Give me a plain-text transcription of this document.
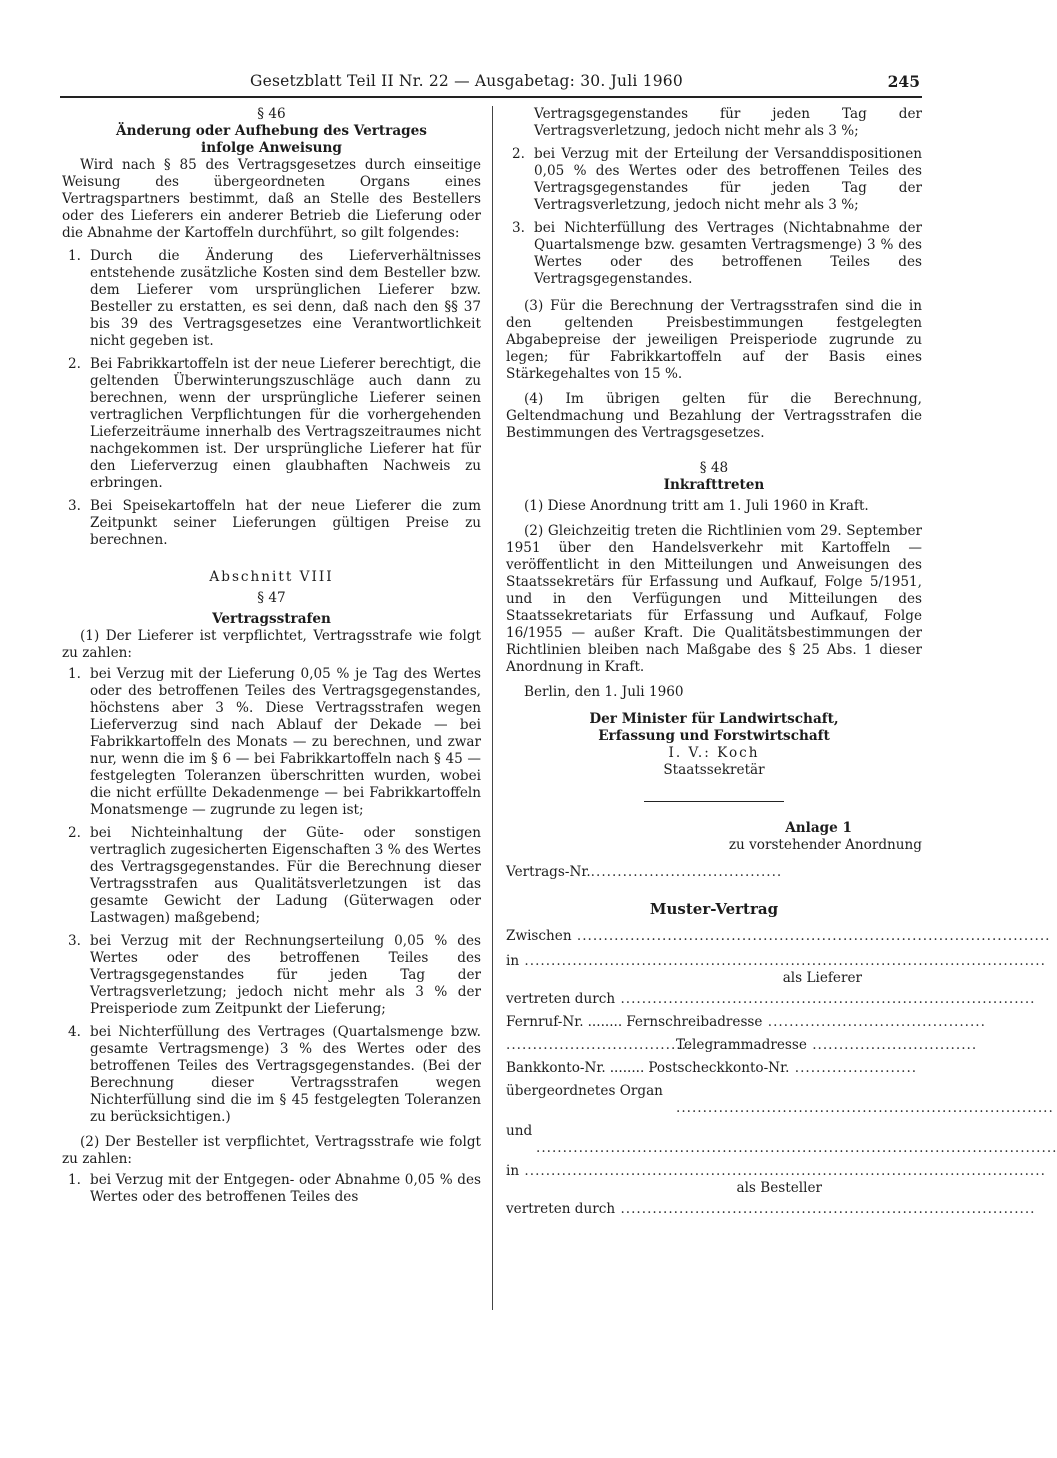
Gesetzblatt Teil II Nr. 22 — Ausgabetag: 30. Juli 1960	245

§ 46

Änderung oder Aufhebung des Vertrages

infolge Anweisung

Wird nach § 85 des Vertragsgesetzes durch einseitige Weisung des übergeordneten Organs eines Vertragspartners bestimmt, daß an Stelle des Bestellers oder des Lieferers ein anderer Betrieb die Lieferung oder die Abnahme der Kartoffeln durchführt, so gilt folgendes:

1. Durch die Änderung des Lieferverhältnisses entstehende zusätzliche Kosten sind dem Besteller bzw. dem Lieferer vom ursprünglichen Lieferer bzw. Besteller zu erstatten, es sei denn, daß nach den §§ 37 bis 39 des Vertragsgesetzes eine Verantwortlichkeit nicht gegeben ist.
2. Bei Fabrikkartoffeln ist der neue Lieferer berechtigt, die geltenden Überwinterungszuschläge auch dann zu berechnen, wenn der ursprüngliche Lieferer seinen vertraglichen Verpflichtungen für die vorhergehenden Lieferzeiträume innerhalb des Vertragszeitraumes nicht nachgekommen ist. Der ursprüngliche Lieferer hat für den Lieferverzug einen glaubhaften Nachweis zu erbringen.
3. Bei Speisekartoffeln hat der neue Lieferer die zum Zeitpunkt seiner Lieferungen gültigen Preise zu berechnen.

Abschnitt VIII

§ 47

Vertragsstrafen

(1) Der Lieferer ist verpflichtet, Vertragsstrafe wie folgt zu zahlen:

1. bei Verzug mit der Lieferung 0,05 % je Tag des Wertes oder des betroffenen Teiles des Vertragsgegenstandes, höchstens aber 3 %. Diese Vertragsstrafen wegen Lieferverzug sind nach Ablauf der Dekade — bei Fabrikkartoffeln des Monats — zu berechnen, und zwar nur, wenn die im § 6 — bei Fabrikkartoffeln nach § 45 — festgelegten Toleranzen überschritten wurden, wobei die nicht erfüllte Dekadenmenge — bei Fabrikkartoffeln Monatsmenge — zugrunde zu legen ist;
2. bei Nichteinhaltung der Güte- oder sonstigen vertraglich zugesicherten Eigenschaften 3 % des Wertes des Vertragsgegenstandes. Für die Berechnung dieser Vertragsstrafen aus Qualitätsverletzungen ist das gesamte Gewicht der Ladung (Güterwagen oder Lastwagen) maßgebend;
3. bei Verzug mit der Rechnungserteilung 0,05 % des Wertes oder des betroffenen Teiles des Vertragsgegenstandes für jeden Tag der Vertragsverletzung; jedoch nicht mehr als 3 % der Preisperiode zum Zeitpunkt der Lieferung;
4. bei Nichterfüllung des Vertrages (Quartalsmenge bzw. gesamte Vertragsmenge) 3 % des Wertes oder des betroffenen Teiles des Vertragsgegenstandes. (Bei der Berechnung dieser Vertragsstrafen wegen Nichterfüllung sind die im § 45 festgelegten Toleranzen zu berücksichtigen.)

(2) Der Besteller ist verpflichtet, Vertragsstrafe wie folgt zu zahlen:

1. bei Verzug mit der Entgegen- oder Abnahme 0,05 % des Wertes oder des betroffenen Teiles des
Vertragsgegenstandes für jeden Tag der Vertragsverletzung, jedoch nicht mehr als 3 %;
2. bei Verzug mit der Erteilung der Versanddispositionen 0,05 % des Wertes oder des betroffenen Teiles des Vertragsgegenstandes für jeden Tag der Vertragsverletzung, jedoch nicht mehr als 3 %;
3. bei Nichterfüllung des Vertrages (Nichtabnahme der Quartalsmenge bzw. gesamten Vertragsmenge) 3 % des Wertes oder des betroffenen Teiles des Vertragsgegenstandes.

(3) Für die Berechnung der Vertragsstrafen sind die in den geltenden Preisbestimmungen festgelegten Abgabepreise der jeweiligen Preisperiode zugrunde zu legen; für Fabrikkartoffeln auf der Basis eines Stärkegehaltes von 15 %.

(4) Im übrigen gelten für die Berechnung, Geltendmachung und Bezahlung der Vertragsstrafen die Bestimmungen des Vertragsgesetzes.

§ 48

Inkrafttreten

(1) Diese Anordnung tritt am 1. Juli 1960 in Kraft.

(2) Gleichzeitig treten die Richtlinien vom 29. September 1951 über den Handelsverkehr mit Kartoffeln — veröffentlicht in den Mitteilungen und Anweisungen des Staatssekretärs für Erfassung und Aufkauf, Folge 5/1951, und in den Verfügungen und Mitteilungen des Staatssekretariats für Erfassung und Aufkauf, Folge 16/1955 — außer Kraft. Die Qualitätsbestimmungen der Richtlinien bleiben nach Maßgabe des § 25 Abs. 1 dieser Anordnung in Kraft.

Berlin, den 1. Juli 1960

Der Minister für Landwirtschaft,

Erfassung und Forstwirtschaft

I. V.: Koch

Staatssekretär

Anlage 1

zu vorstehender Anordnung

Vertrags-Nr. ....................................

Muster-Vertrag

Zwischen .........................................................................................
in ..................................................................................................

als Lieferer

vertreten durch ..............................................................................
Fernruf-Nr. ........ Fernschreibadresse .........................................
...................................
Telegrammadresse ...............................
Bankkonto-Nr. ........ Postscheckkonto-Nr. .......................
übergeordnetes Organ
.......................................................................
und
..................................................................................................
in ..................................................................................................

als Besteller

vertreten durch ..............................................................................
